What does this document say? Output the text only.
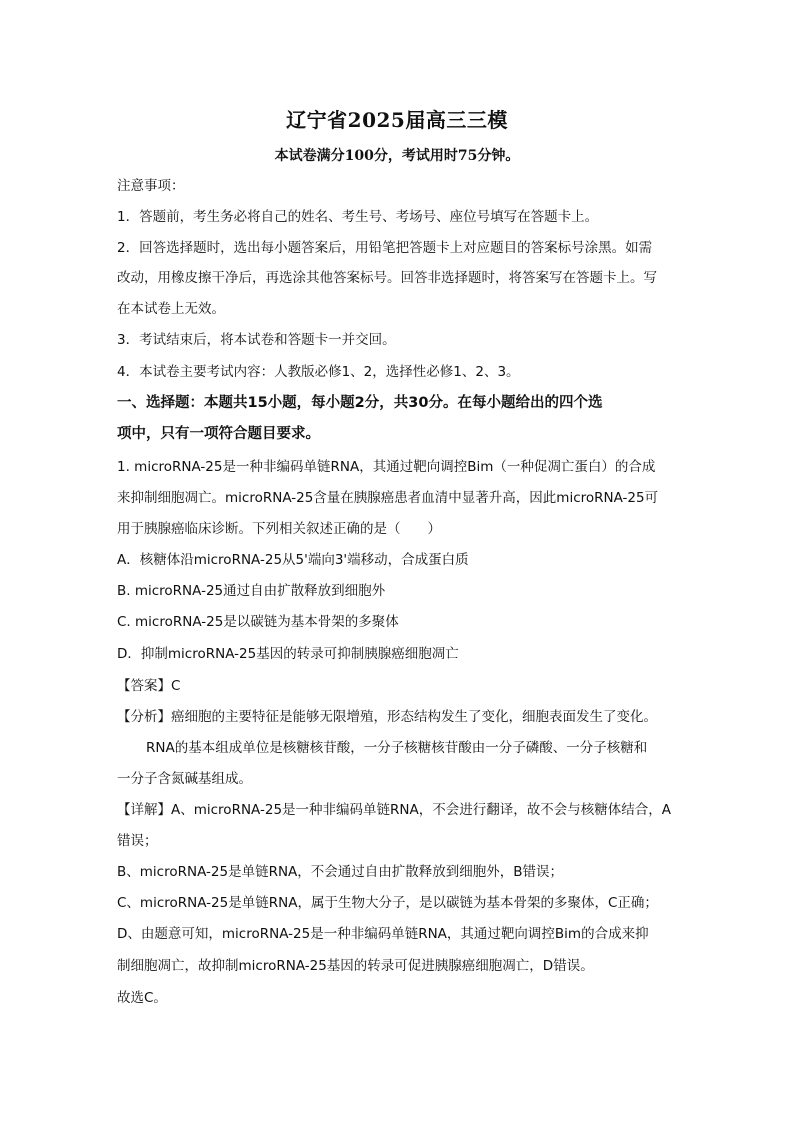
辽宁省2025届高三三模
本试卷满分100分，考试用时75分钟。
注意事项：
1．答题前，考生务必将自己的姓名、考生号、考场号、座位号填写在答题卡上。
2．回答选择题时，选出每小题答案后，用铅笔把答题卡上对应题目的答案标号涂黑。如需
改动，用橡皮擦干净后，再选涂其他答案标号。回答非选择题时，将答案写在答题卡上。写
在本试卷上无效。
3．考试结束后，将本试卷和答题卡一并交回。
4．本试卷主要考试内容：人教版必修1、2，选择性必修1、2、3。
一、选择题：本题共15小题，每小题2分，共30分。在每小题给出的四个选
项中，只有一项符合题目要求。
1. microRNA-25是一种非编码单链RNA，其通过靶向调控Bim（一种促凋亡蛋白）的合成
来抑制细胞凋亡。microRNA-25含量在胰腺癌患者血清中显著升高，因此microRNA-25可
用于胰腺癌临床诊断。下列相关叙述正确的是（　　）
A．核糖体沿microRNA-25从5'端向3'端移动，合成蛋白质
B. microRNA-25通过自由扩散释放到细胞外
C. microRNA-25是以碳链为基本骨架的多聚体
D．抑制microRNA-25基因的转录可抑制胰腺癌细胞凋亡
【答案】C
【分析】癌细胞的主要特征是能够无限增殖，形态结构发生了变化，细胞表面发生了变化。
RNA的基本组成单位是核糖核苷酸，一分子核糖核苷酸由一分子磷酸、一分子核糖和
一分子含氮碱基组成。
【详解】A、microRNA-25是一种非编码单链RNA，不会进行翻译，故不会与核糖体结合，A
错误；
B、microRNA-25是单链RNA，不会通过自由扩散释放到细胞外，B错误；
C、microRNA-25是单链RNA，属于生物大分子，是以碳链为基本骨架的多聚体，C正确；
D、由题意可知，microRNA-25是一种非编码单链RNA，其通过靶向调控Bim的合成来抑
制细胞凋亡，故抑制microRNA-25基因的转录可促进胰腺癌细胞凋亡，D错误。
故选C。
